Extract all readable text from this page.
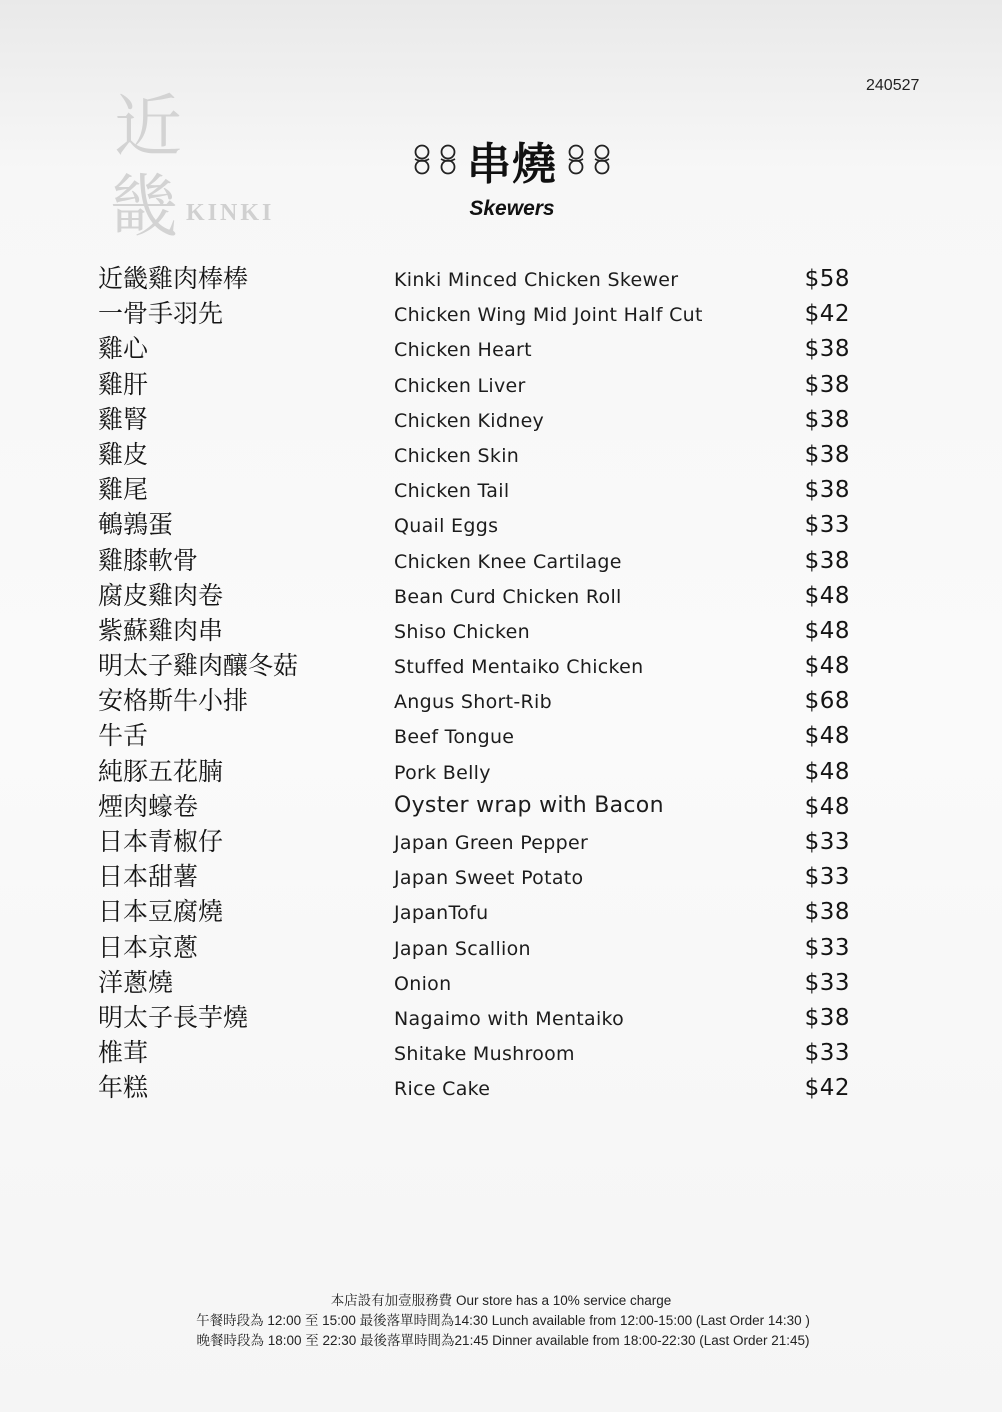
240527
近
畿 KINKI
串燒
Skewers
近畿雞肉棒棒	Kinki Minced Chicken Skewer	$58
一骨手羽先	Chicken Wing Mid Joint Half Cut	$42
雞心	Chicken Heart	$38
雞肝	Chicken Liver	$38
雞腎	Chicken Kidney	$38
雞皮	Chicken Skin	$38
雞尾	Chicken Tail	$38
鵪鶉蛋	Quail Eggs	$33
雞膝軟骨	Chicken Knee Cartilage	$38
腐皮雞肉卷	Bean Curd Chicken Roll	$48
紫蘇雞肉串	Shiso Chicken	$48
明太子雞肉釀冬菇	Stuffed Mentaiko Chicken	$48
安格斯牛小排	Angus Short-Rib	$68
牛舌	Beef Tongue	$48
純豚五花腩	Pork Belly	$48
煙肉蠔卷	Oyster wrap with Bacon	$48
日本青椒仔	Japan Green Pepper	$33
日本甜薯	Japan Sweet Potato	$33
日本豆腐燒	JapanTofu	$38
日本京蔥	Japan Scallion	$33
洋蔥燒	Onion	$33
明太子長芋燒	Nagaimo with Mentaiko	$38
椎茸	Shitake Mushroom	$33
年糕	Rice Cake	$42
本店設有加壹服務費 Our store has a 10% service charge
午餐時段為 12:00 至 15:00 最後落單時間為14:30 Lunch available from 12:00-15:00 (Last Order 14:30 )
晚餐時段為 18:00 至 22:30 最後落單時間為21:45 Dinner available from 18:00-22:30 (Last Order 21:45)
